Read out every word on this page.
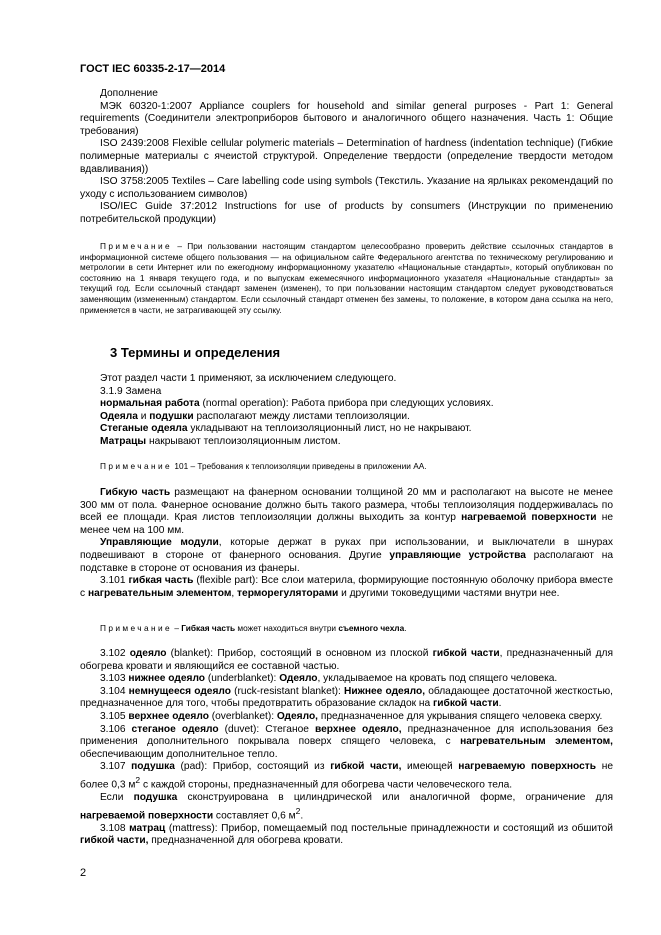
ГОСТ IEC 60335-2-17—2014

Дополнение

МЭК 60320-1:2007 Appliance couplers for household and similar general purposes - Part 1: General requirements (Соединители электроприборов бытового и аналогичного общего назначения. Часть 1: Общие требования)

ISO 2439:2008 Flexible cellular polymeric materials – Determination of hardness (indentation technique) (Гибкие полимерные материалы с ячеистой структурой. Определение твердости (определение твердости методом вдавливания))

ISO 3758:2005 Textiles – Care labelling code using symbols (Текстиль. Указание на ярлыках рекомендаций по уходу с использованием символов)

ISO/IEC Guide 37:2012 Instructions for use of products by consumers (Инструкции по применению потребительской продукции)

Примечание – При пользовании настоящим стандартом целесообразно проверить действие ссылочных стандартов в информационной системе общего пользования — на официальном сайте Федерального агентства по техническому регулированию и метрологии в сети Интернет или по ежегодному информационному указателю «Национальные стандарты», который опубликован по состоянию на 1 января текущего года, и по выпускам ежемесячного информационного указателя «Национальные стандарты» за текущий год. Если ссылочный стандарт заменен (изменен), то при пользовании настоящим стандартом следует руководствоваться заменяющим (измененным) стандартом. Если ссылочный стандарт отменен без замены, то положение, в котором дана ссылка на него, применяется в части, не затрагивающей эту ссылку.

3 Термины и определения

Этот раздел части 1 применяют, за исключением следующего.

3.1.9 Замена

нормальная работа (normal operation): Работа прибора при следующих условиях.

Одеяла и подушки располагают между листами теплоизоляции.

Стеганые одеяла укладывают на теплоизоляционный лист, но не накрывают.

Матрацы накрывают теплоизоляционным листом.

Примечание 101 – Требования к теплоизоляции приведены в приложении АА.

Гибкую часть размещают на фанерном основании толщиной 20 мм и располагают на высоте не менее 300 мм от пола. Фанерное основание должно быть такого размера, чтобы теплоизоляция поддерживалась по всей ее площади. Края листов теплоизоляции должны выходить за контур нагреваемой поверхности не менее чем на 100 мм.

Управляющие модули, которые держат в руках при использовании, и выключатели в шнурах подвешивают в стороне от фанерного основания. Другие управляющие устройства располагают на подставке в стороне от основания из фанеры.

3.101 гибкая часть (flexible part): Все слои материла, формирующие постоянную оболочку прибора вместе с нагревательным элементом, терморегуляторами и другими токоведущими частями внутри нее.

Примечание – Гибкая часть может находиться внутри съемного чехла.

3.102 одеяло (blanket): Прибор, состоящий в основном из плоской гибкой части, предназначенный для обогрева кровати и являющийся ее составной частью.

3.103 нижнее одеяло (underblanket): Одеяло, укладываемое на кровать под спящего человека.

3.104 немнущееся одеяло (ruck-resistant blanket): Нижнее одеяло, обладающее достаточной жесткостью, предназначенное для того, чтобы предотвратить образование складок на гибкой части.

3.105 верхнее одеяло (overblanket): Одеяло, предназначенное для укрывания спящего человека сверху.

3.106 стеганое одеяло (duvet): Стеганое верхнее одеяло, предназначенное для использования без применения дополнительного покрывала поверх спящего человека, с нагревательным элементом, обеспечивающим дополнительное тепло.

3.107 подушка (pad): Прибор, состоящий из гибкой части, имеющей нагреваемую поверхность не более 0,3 $м^2$ с каждой стороны, предназначенный для обогрева части человеческого тела.

Если подушка сконструирована в цилиндрической или аналогичной форме, ограничение для нагреваемой поверхности составляет 0,6 $м^2$.

3.108 матрац (mattress): Прибор, помещаемый под постельные принадлежности и состоящий из обшитой гибкой части, предназначенной для обогрева кровати.

2
